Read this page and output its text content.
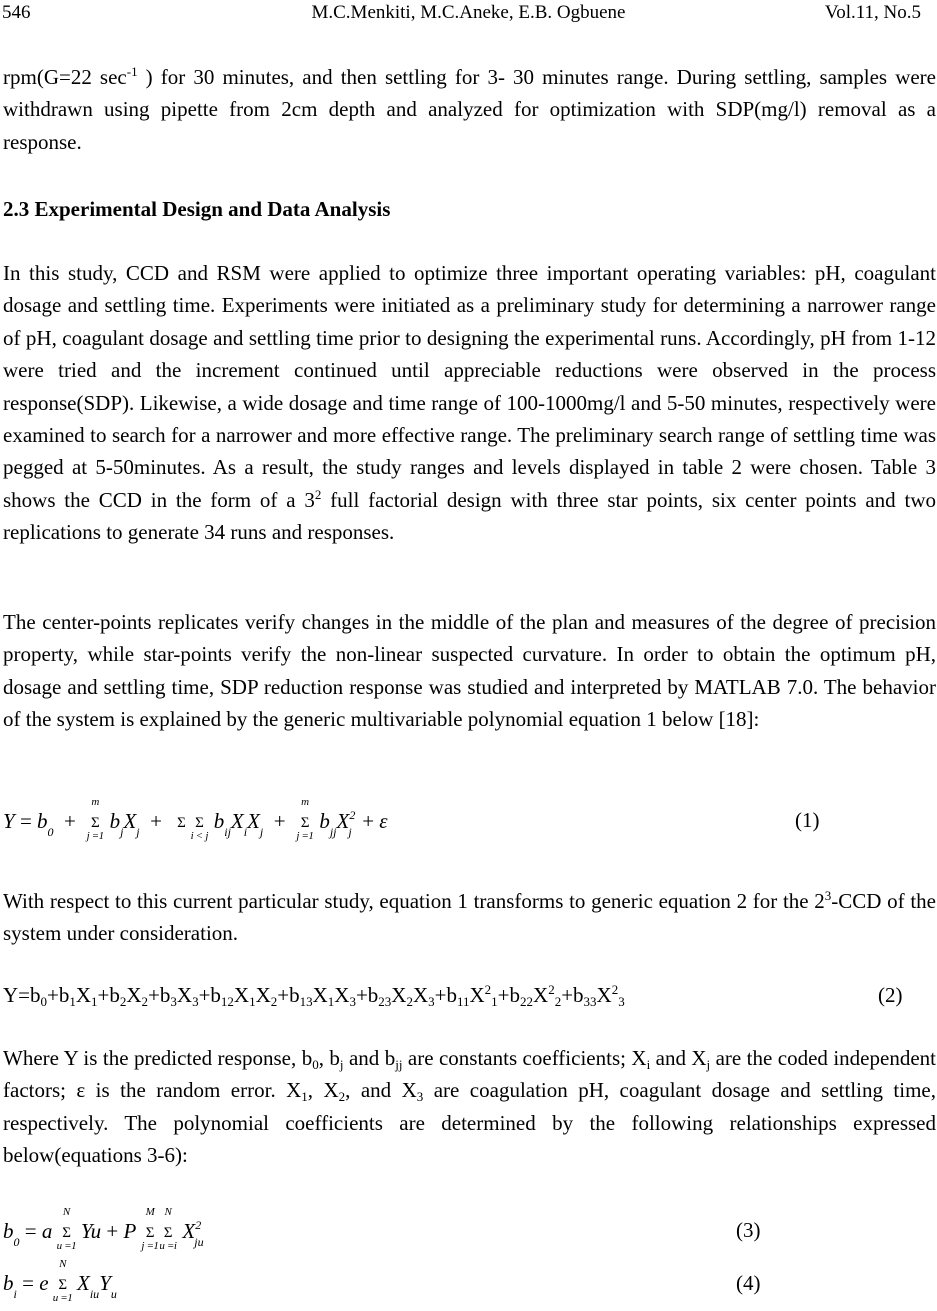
546	M.C.Menkiti, M.C.Aneke, E.B. Ogbuene	Vol.11, No.5

rpm(G=22 $\sec^{-1}$ ) for 30 minutes, and then settling for 3- 30 minutes range. During settling, samples were withdrawn using pipette from 2cm depth and analyzed for optimization with SDP(mg/l) removal as a response.

2.3 Experimental Design and Data Analysis

In this study, CCD and RSM were applied to optimize three important operating variables: pH, coagulant dosage and settling time. Experiments were initiated as a preliminary study for determining a narrower range of pH, coagulant dosage and settling time prior to designing the experimental runs. Accordingly, pH from 1-12 were tried and the increment continued until appreciable reductions were observed in the process response(SDP). Likewise, a wide dosage and time range of 100-1000mg/l and 5-50 minutes, respectively were examined to search for a narrower and more effective range. The preliminary search range of settling time was pegged at 5-50minutes. As a result, the study ranges and levels displayed in table 2 were chosen. Table 3 shows the CCD in the form of a $3^2$ full factorial design with three star points, six center points and two replications to generate 34 runs and responses.

The center-points replicates verify changes in the middle of the plan and measures of the degree of precision property, while star-points verify the non-linear suspected curvature. In order to obtain the optimum pH, dosage and settling time, SDP reduction response was studied and interpreted by MATLAB 7.0. The behavior of the system is explained by the generic multivariable polynomial equation 1 below [18]:

$Y = b_0$  +
m
Σ
j =1
$b_jX_j + \Sigma$ Σ
i < j
$b_{ij}X_iX_j$  +
m
Σ
j =1
$b_{jj}X^2_j + \varepsilon$	(1)

With respect to this current particular study, equation 1 transforms to generic equation 2 for the $2^3$-CCD of the system under consideration.

$Y=b_0+b_1X_1+b_2X_2+b_3X_3+b_{12}X_1X_2+b_{13}X_1X_3+b_{23}X_2X_3+b_{11}X^2_1+b_{22}X^2_2+b_{33}X^2_3$	(2)

Where Y is the predicted response, $b_0$, $b_j$ and $b_{jj}$ are constants coefficients; $X_i$ and $X_j$ are the coded independent factors; ε is the random error. $X_1$, $X_2$, and $X_3$ are coagulation pH, coagulant dosage and settling time, respectively. The polynomial coefficients are determined by the following relationships expressed below(equations 3-6):

$b_0 = a$
N
Σ
u =1
Yu + P
M
Σ
j =1
N
Σ
u =i
$X^2_{ju}$	(3)
$b_i = e$
N
Σ
u =1
$X_{iu}Y_u$	(4)
